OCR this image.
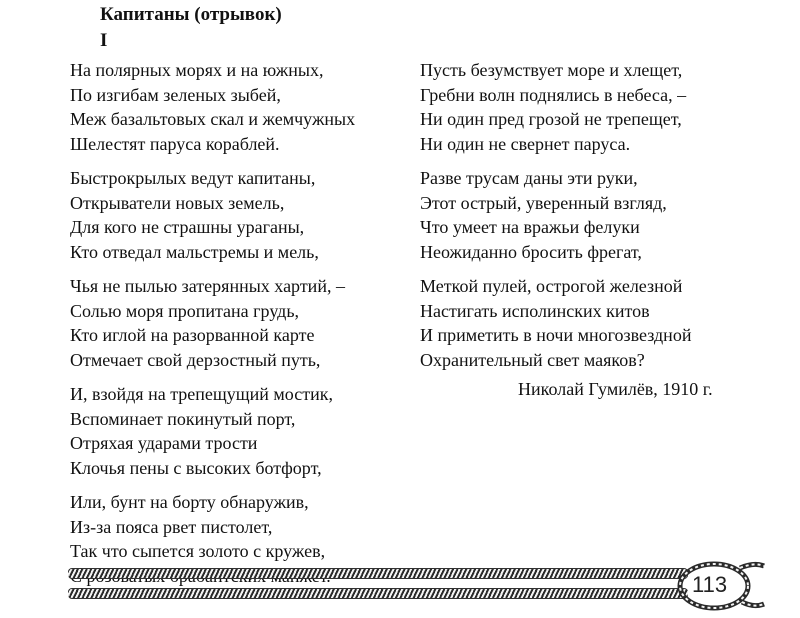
Капитаны (отрывок)
I
На полярных морях и на южных,
По изгибам зеленых зыбей,
Меж базальтовых скал и жемчужных
Шелестят паруса кораблей.
Быстрокрылых ведут капитаны,
Открыватели новых земель,
Для кого не страшны ураганы,
Кто отведал мальстремы и мель,
Чья не пылью затерянных хартий, –
Солью моря пропитана грудь,
Кто иглой на разорванной карте
Отмечает свой дерзостный путь,
И, взойдя на трепещущий мостик,
Вспоминает покинутый порт,
Отряхая ударами трости
Клочья пены с высоких ботфорт,
Или, бунт на борту обнаружив,
Из-за пояса рвет пистолет,
Так что сыпется золото с кружев,
Пусть безумствует море и хлещет,
Гребни волн поднялись в небеса, –
Ни один пред грозой не трепещет,
Ни один не свернет паруса.
Разве трусам даны эти руки,
Этот острый, уверенный взгляд,
Что умеет на вражьи фелуки
Неожиданно бросить фрегат,
Меткой пулей, острогой железной
Настигать исполинских китов
И приметить в ночи многозвездной
Охранительный свет маяков?
Николай Гумилёв, 1910 г.
113
